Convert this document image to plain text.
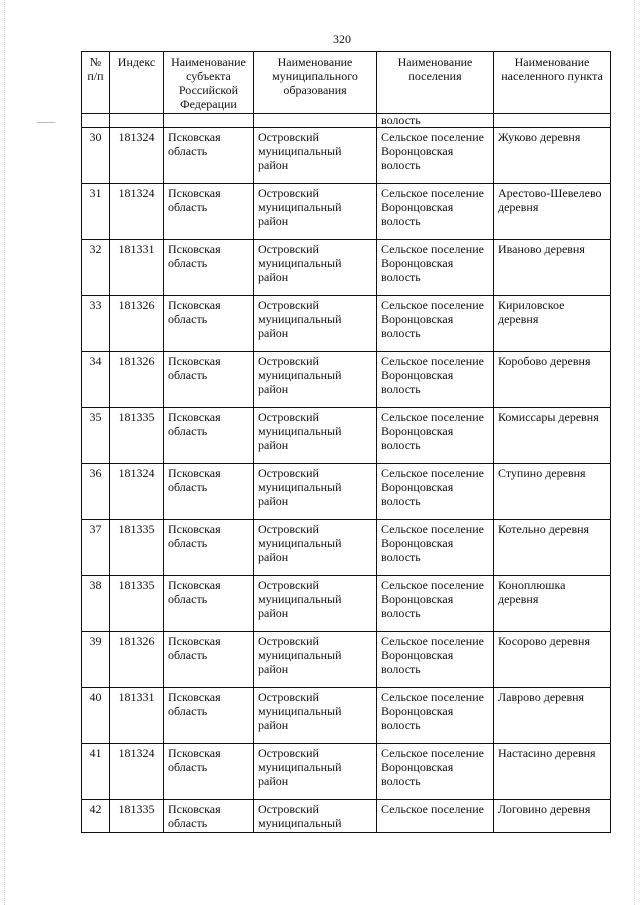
320
№ п/п	Индекс	Наименование субъекта Российской Федерации	Наименование муниципального образования	Наименование поселения	Наименование населенного пункта
				волость	
30	181324	Псковская область	Островский муниципальный район	Сельское поселение Воронцовская волость	Жуково деревня
31	181324	Псковская область	Островский муниципальный район	Сельское поселение Воронцовская волость	Арестово-Шевелево деревня
32	181331	Псковская область	Островский муниципальный район	Сельское поселение Воронцовская волость	Иваново деревня
33	181326	Псковская область	Островский муниципальный район	Сельское поселение Воронцовская волость	Кириловское деревня
34	181326	Псковская область	Островский муниципальный район	Сельское поселение Воронцовская волость	Коробово деревня
35	181335	Псковская область	Островский муниципальный район	Сельское поселение Воронцовская волость	Комиссары деревня
36	181324	Псковская область	Островский муниципальный район	Сельское поселение Воронцовская волость	Ступино деревня
37	181335	Псковская область	Островский муниципальный район	Сельское поселение Воронцовская волость	Котельно деревня
38	181335	Псковская область	Островский муниципальный район	Сельское поселение Воронцовская волость	Коноплюшка деревня
39	181326	Псковская область	Островский муниципальный район	Сельское поселение Воронцовская волость	Косорово деревня
40	181331	Псковская область	Островский муниципальный район	Сельское поселение Воронцовская волость	Лаврово деревня
41	181324	Псковская область	Островский муниципальный район	Сельское поселение Воронцовская волость	Настасино деревня
42	181335	Псковская область	Островский муниципальный	Сельское поселение	Логовино деревня
